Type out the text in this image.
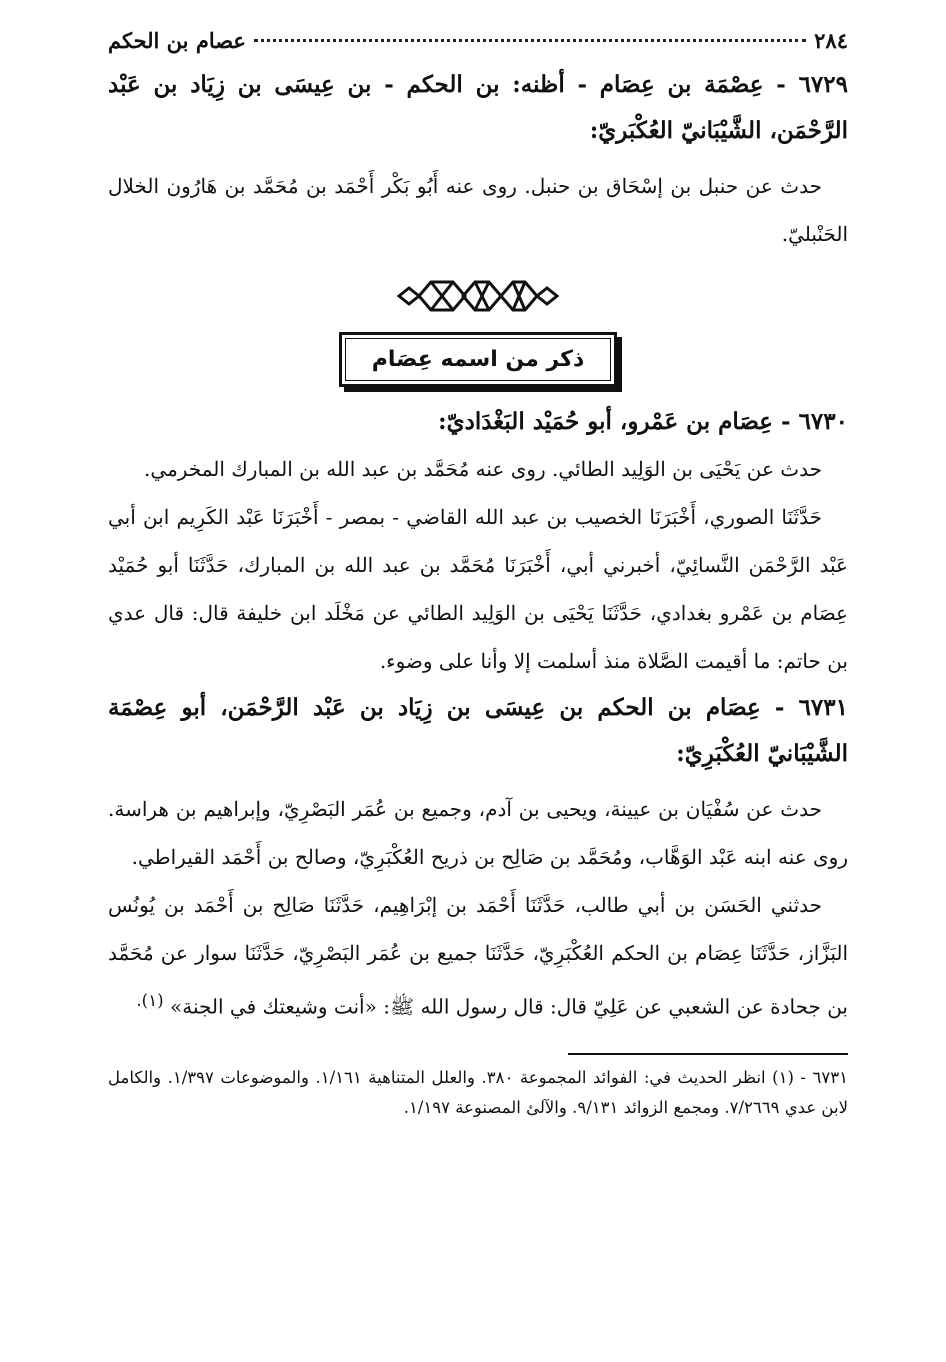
٢٨٤
عصام بن الحكم

٦٧٢٩ - عِصْمَة بن عِصَام - أظنه: بن الحكم - بن عِيسَى بن زِيَاد بن عَبْد الرَّحْمَن، الشَّيْبَانيّ العُكْبَريّ:

حدث عن حنبل بن إسْحَاق بن حنبل. روى عنه أَبُو بَكْر أَحْمَد بن مُحَمَّد بن هَارُون الخلال الحَنْبليّ.

ذكر من اسمه عِصَام

٦٧٣٠ - عِصَام بن عَمْرو، أبو حُمَيْد البَغْدَاديّ:

حدث عن يَحْيَى بن الوَلِيد الطائي. روى عنه مُحَمَّد بن عبد الله بن المبارك المخرمي.

حَدَّثَنَا الصوري، أَخْبَرَنَا الخصيب بن عبد الله القاضي - بمصر - أَخْبَرَنَا عَبْد الكَرِيم ابن أبي عَبْد الرَّحْمَن النَّسائِيّ، أخبرني أبي، أَخْبَرَنَا مُحَمَّد بن عبد الله بن المبارك، حَدَّثَنَا أبو حُمَيْد عِصَام بن عَمْرو بغدادي، حَدَّثَنَا يَحْيَى بن الوَلِيد الطائي عن مَخْلَد ابن خليفة قال: قال عدي بن حاتم: ما أقيمت الصَّلاة منذ أسلمت إلا وأنا على وضوء.

٦٧٣١ - عِصَام بن الحكم بن عِيسَى بن زِيَاد بن عَبْد الرَّحْمَن، أبو عِصْمَة الشَّيْبَانيّ العُكْبَرِيّ:

حدث عن سُفْيَان بن عيينة، ويحيى بن آدم، وجميع بن عُمَر البَصْرِيّ، وإبراهيم بن هراسة. روى عنه ابنه عَبْد الوَهَّاب، ومُحَمَّد بن صَالِح بن ذريح العُكْبَرِيّ، وصالح بن أَحْمَد القيراطي.

حدثني الحَسَن بن أبي طالب، حَدَّثَنَا أَحْمَد بن إبْرَاهِيم، حَدَّثَنَا صَالِح بن أَحْمَد بن يُونُس البَزَّاز، حَدَّثَنَا عِصَام بن الحكم العُكْبَرِيّ، حَدَّثَنَا جميع بن عُمَر البَصْرِيّ، حَدَّثَنَا سوار عن مُحَمَّد بن جحادة عن الشعبي عن عَلِيّ قال: قال رسول الله ﷺ: «أنت وشيعتك في الجنة» $^{(١).}$

٦٧٣١ - (١) انظر الحديث في: الفوائد المجموعة ٣٨٠. والعلل المتناهية ١/١٦١. والموضوعات ١/٣٩٧. والكامل لابن عدي ٧/٢٦٦٩. ومجمع الزوائد ٩/١٣١. والآلئ المصنوعة ١/١٩٧.
